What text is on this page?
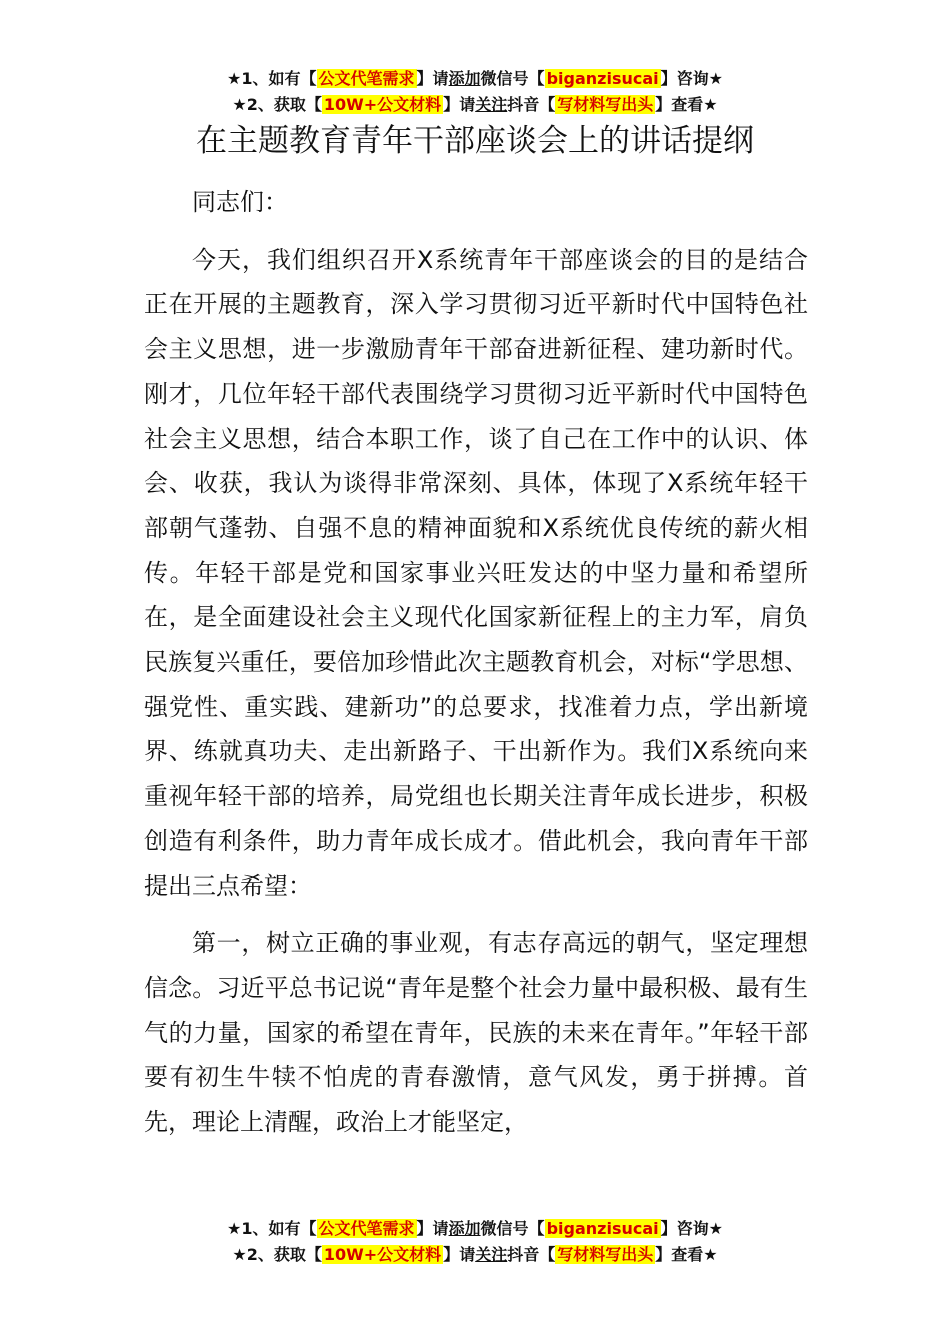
★1、如有【 公文代笔需求 】请添加微信号【 biganzisucai 】咨询★
★2、获取【 10W+公文材料 】请关注抖音【 写材料写出头 】查看★
在主题教育青年干部座谈会上的讲话提纲

同志们：

今天，我们组织召开X系统青年干部座谈会的目的是结合正在开展的主题教育，深入学习贯彻习近平新时代中国特色社会主义思想，进一步激励青年干部奋进新征程、建功新时代。刚才，几位年轻干部代表围绕学习贯彻习近平新时代中国特色社会主义思想，结合本职工作，谈了自己在工作中的认识、体会、收获，我认为谈得非常深刻、具体，体现了X系统年轻干部朝气蓬勃、自强不息的精神面貌和X系统优良传统的薪火相传。年轻干部是党和国家事业兴旺发达的中坚力量和希望所在，是全面建设社会主义现代化国家新征程上的主力军，肩负民族复兴重任，要倍加珍惜此次主题教育机会，对标“学思想、强党性、重实践、建新功”的总要求，找准着力点，学出新境界、练就真功夫、走出新路子、干出新作为。我们X系统向来重视年轻干部的培养，局党组也长期关注青年成长进步，积极创造有利条件，助力青年成长成才。借此机会，我向青年干部提出三点希望：

第一，树立正确的事业观，有志存高远的朝气，坚定理想信念。习近平总书记说“青年是整个社会力量中最积极、最有生气的力量，国家的希望在青年，民族的未来在青年。”年轻干部要有初生牛犊不怕虎的青春激情，意气风发，勇于拼搏。首先，理论上清醒，政治上才能坚定，

★1、如有【 公文代笔需求 】请添加微信号【 biganzisucai 】咨询★
★2、获取【 10W+公文材料 】请关注抖音【 写材料写出头 】查看★
